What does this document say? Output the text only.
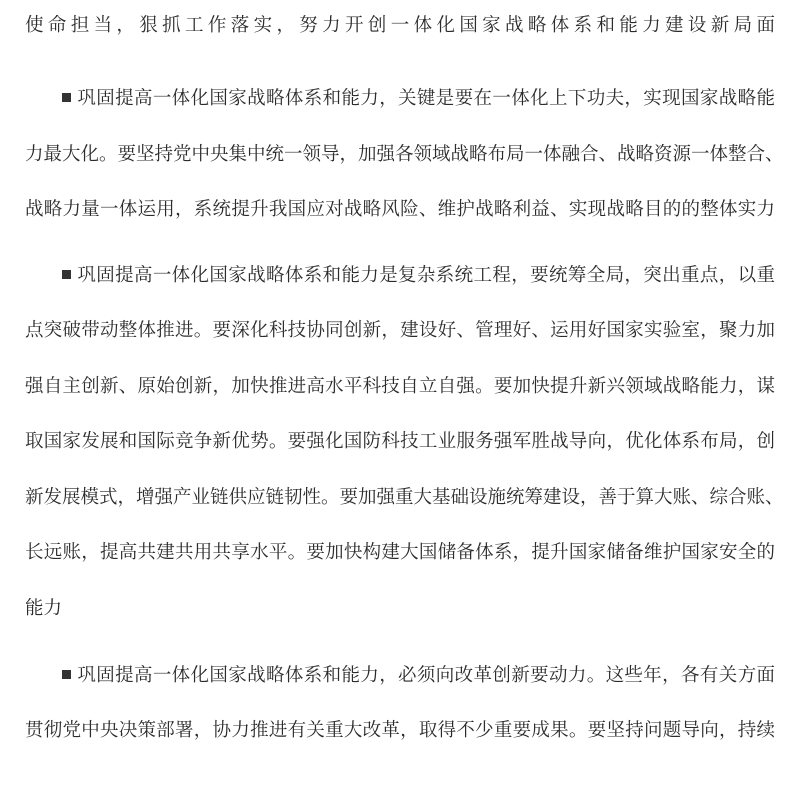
使命担当，狠抓工作落实，努力开创一体化国家战略体系和能力建设新局面
巩固提高一体化国家战略体系和能力，关键是要在一体化上下功夫，实现国家战略能
力最大化。要坚持党中央集中统一领导，加强各领域战略布局一体融合、战略资源一体整合、
战略力量一体运用，系统提升我国应对战略风险、维护战略利益、实现战略目的的整体实力
巩固提高一体化国家战略体系和能力是复杂系统工程，要统筹全局，突出重点，以重
点突破带动整体推进。要深化科技协同创新，建设好、管理好、运用好国家实验室，聚力加
强自主创新、原始创新，加快推进高水平科技自立自强。要加快提升新兴领域战略能力，谋
取国家发展和国际竞争新优势。要强化国防科技工业服务强军胜战导向，优化体系布局，创
新发展模式，增强产业链供应链韧性。要加强重大基础设施统筹建设，善于算大账、综合账、
长远账，提高共建共用共享水平。要加快构建大国储备体系，提升国家储备维护国家安全的
能力
巩固提高一体化国家战略体系和能力，必须向改革创新要动力。这些年，各有关方面
贯彻党中央决策部署，协力推进有关重大改革，取得不少重要成果。要坚持问题导向，持续
